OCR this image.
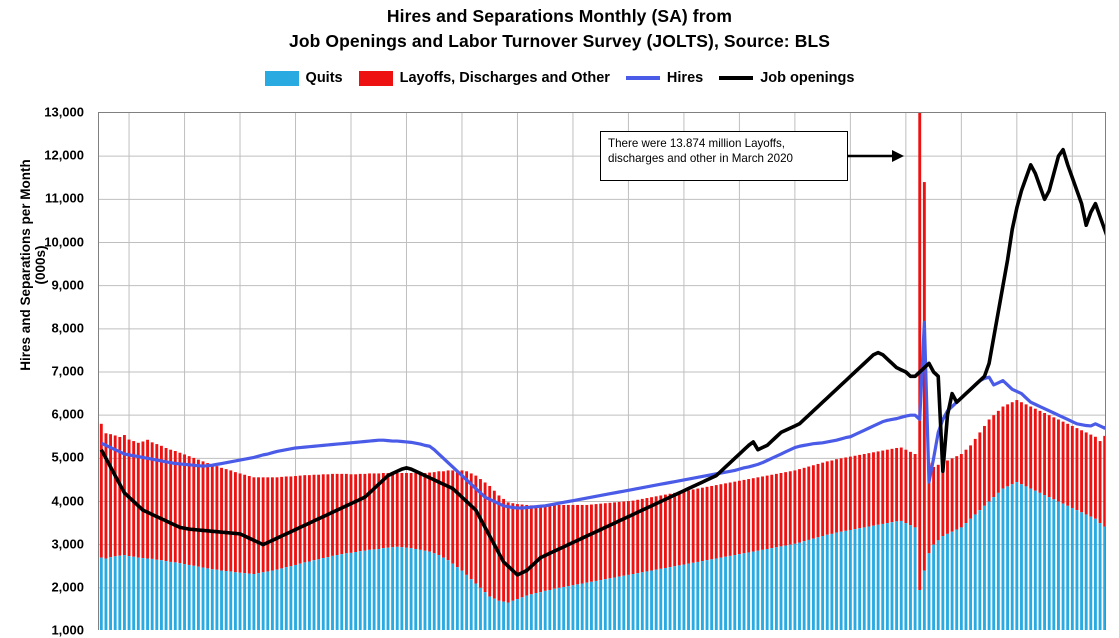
Hires and Separations Monthly (SA) from
Job Openings and Labor Turnover Survey (JOLTS), Source: BLS
Quits	Layoffs, Discharges and Other	Hires	Job openings
Hires and Separations per Month (000s)
13,000
12,000
11,000
10,000
9,000
8,000
7,000
6,000
5,000
4,000
3,000
2,000
1,000
There were 13.874 million Layoffs,
discharges and other in March 2020
